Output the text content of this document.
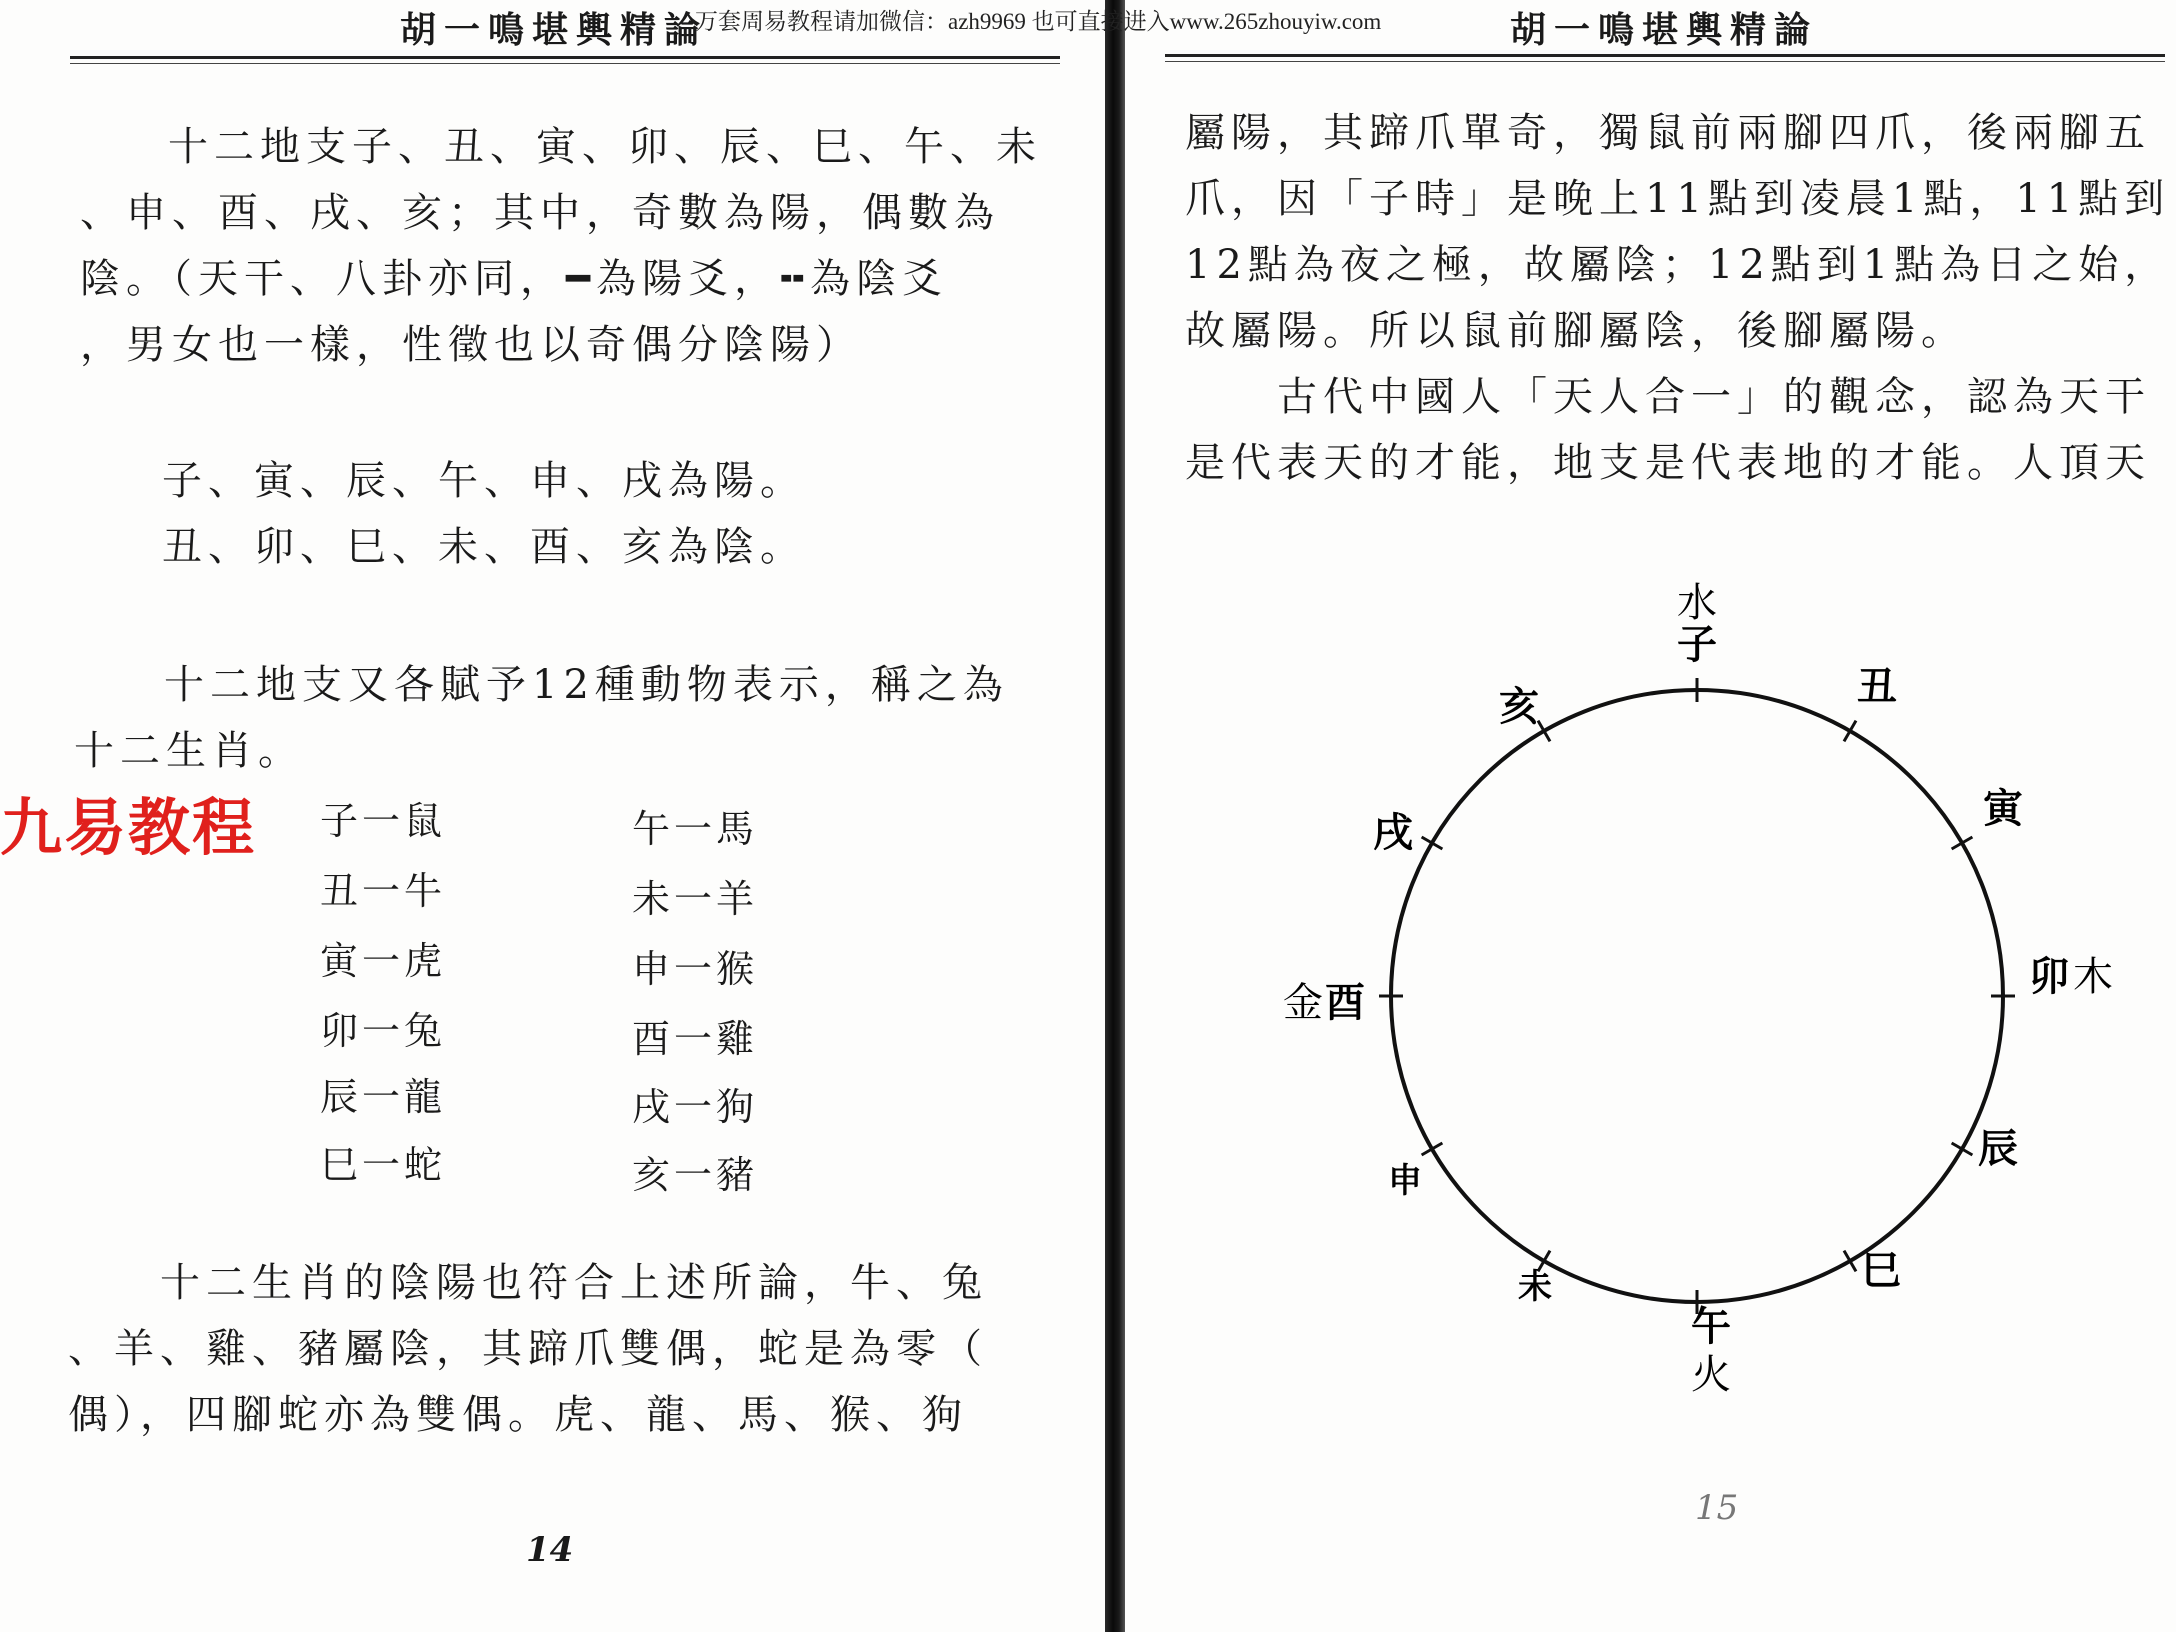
胡一鳴堪輿精論
十二地支子、丑、寅、卯、辰、巳、午、未
、申、酉、戌、亥；其中，奇數為陽，偶數為
陰。（天干、八卦亦同，━為陽爻，╍為陰爻
，男女也一樣，性徵也以奇偶分陰陽）
子、寅、辰、午、申、戌為陽。
丑、卯、巳、未、酉、亥為陰。
十二地支又各賦予12種動物表示，稱之為
十二生肖。
子一鼠
丑一牛
寅一虎
卯一兔
辰一龍
巳一蛇
午一馬
未一羊
申一猴
酉一雞
戌一狗
亥一豬
十二生肖的陰陽也符合上述所論，牛、兔
、羊、雞、豬屬陰，其蹄爪雙偶，蛇是為零（
偶），四腳蛇亦為雙偶。虎、龍、馬、猴、狗
14
胡一鳴堪輿精論
屬陽，其蹄爪單奇，獨鼠前兩腳四爪，後兩腳五
爪，因「子時」是晚上11點到凌晨1點，11點到
12點為夜之極，故屬陰；12點到1點為日之始，
故屬陽。所以鼠前腳屬陰，後腳屬陽。
古代中國人「天人合一」的觀念，認為天干
是代表天的才能，地支是代表地的才能。人頂天
子
水
丑
寅
卯 木
辰
巳
午
火
未
申
酉
金
戌
亥
15
万套周易教程请加微信：azh9969 也可直接进入www.265zhouyiw.com
九易教程
